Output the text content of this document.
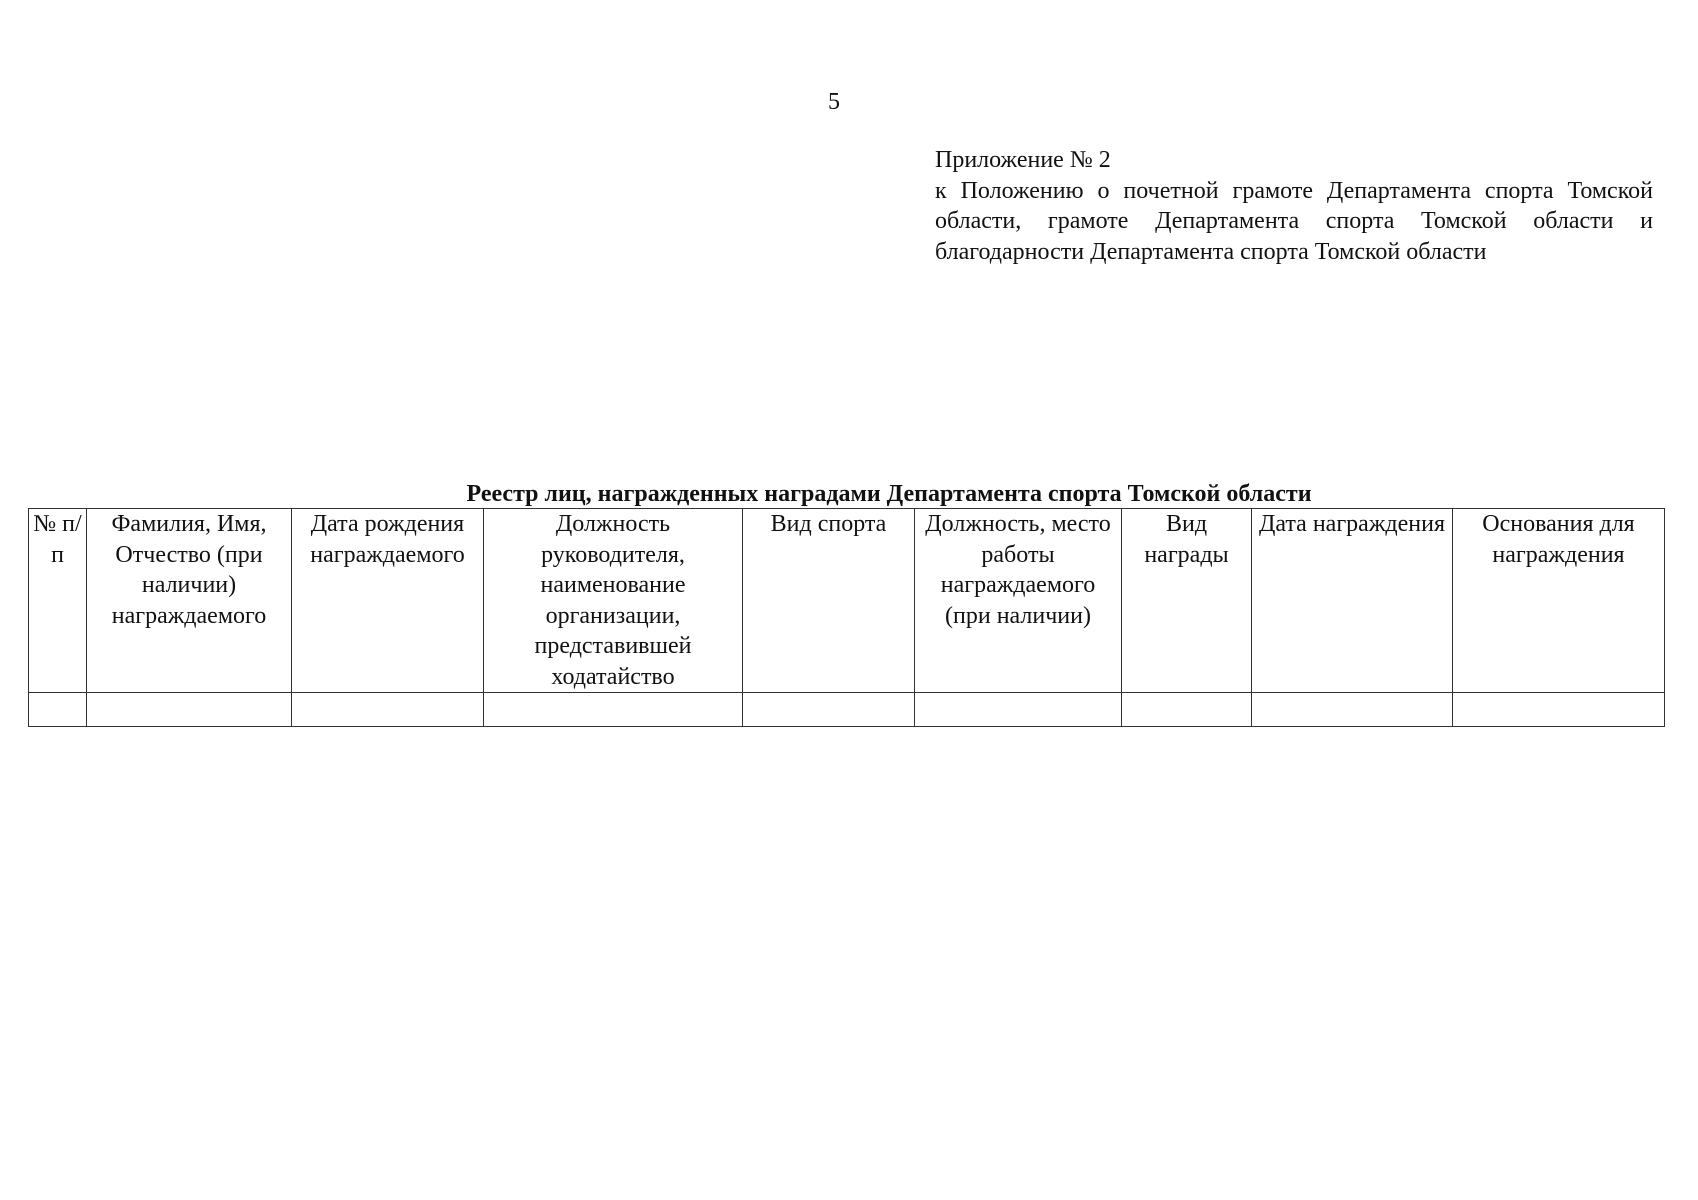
5
Приложение № 2
к Положению о почетной грамоте Департамента спорта Томской области, грамоте Департамента спорта Томской области и благодарности Департамента спорта Томской области
Реестр лиц, награжденных наградами Департамента спорта Томской области
№ п/п	Фамилия, Имя, Отчество (при наличии) награждаемого	Дата рождения награждаемого	Должность руководителя, наименование организации, представившей ходатайство	Вид спорта	Должность, место работы награждаемого (при наличии)	Вид награды	Дата награждения	Основания для награждения
